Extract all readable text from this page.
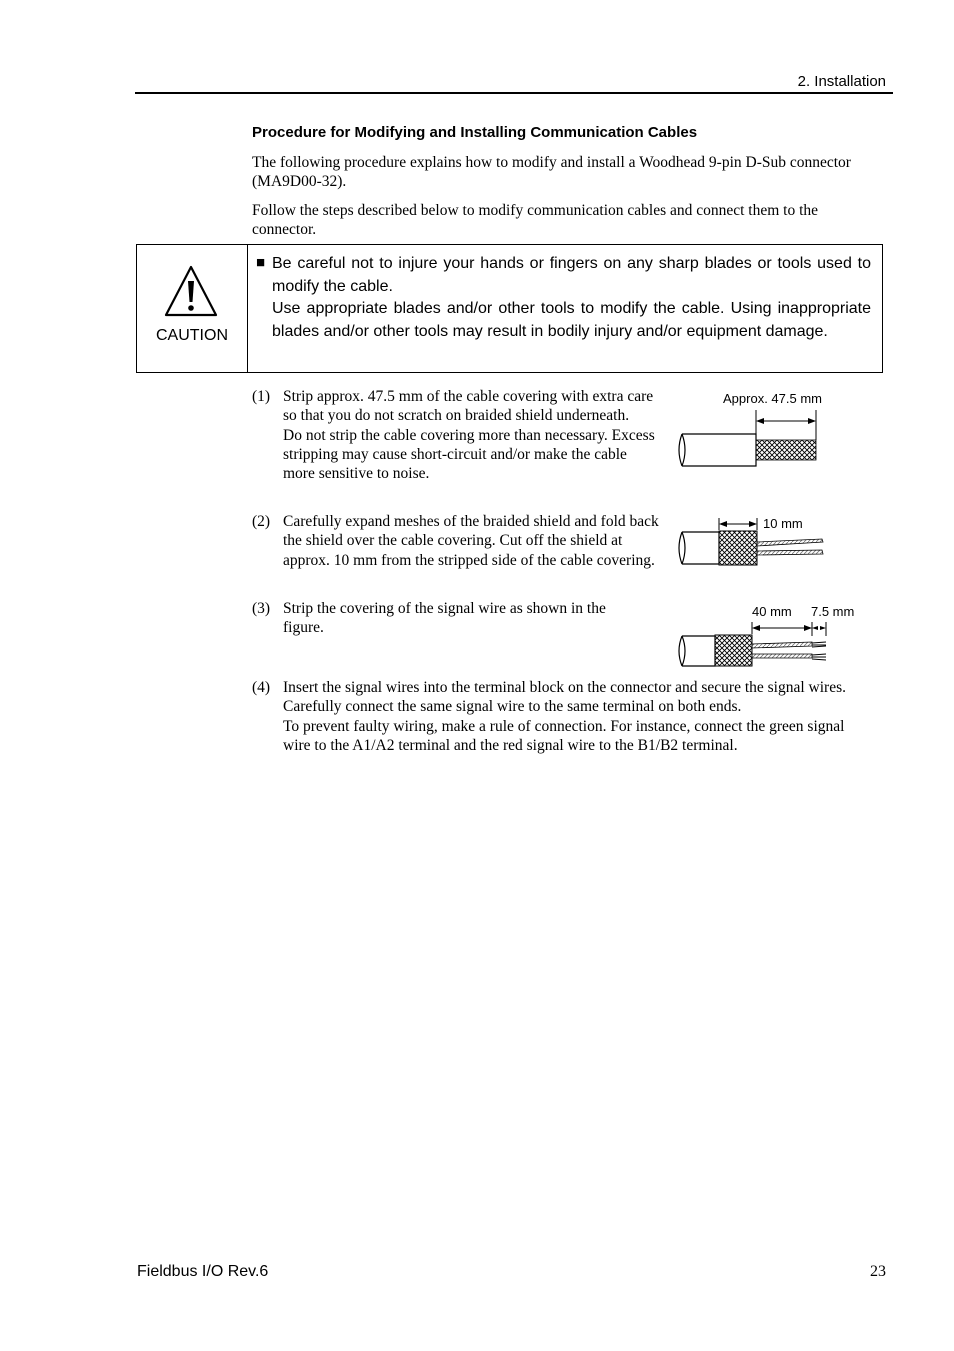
2. Installation
Procedure for Modifying and Installing Communication Cables

The following procedure explains how to modify and install a Woodhead 9-pin D-Sub connector (MA9D00-32).

Follow the steps described below to modify communication cables and connect them to the connector.

CAUTION
■ Be careful not to injure your hands or fingers on any sharp blades or tools used to modify the cable.

Use appropriate blades and/or other tools to modify the cable. Using inappropriate blades and/or other tools may result in bodily injury and/or equipment damage.

(1) Strip approx. 47.5 mm of the cable covering with extra care so that you do not scratch on braided shield underneath.

Do not strip the cable covering more than necessary. Excess stripping may cause short-circuit and/or make the cable more sensitive to noise.

(2) Carefully expand meshes of the braided shield and fold back the shield over the cable covering. Cut off the shield at approx. 10 mm from the stripped side of the cable covering.

(3) Strip the covering of the signal wire as shown in the figure.

(4) Insert the signal wires into the terminal block on the connector and secure the signal wires. Carefully connect the same signal wire to the same terminal on both ends.

To prevent faulty wiring, make a rule of connection. For instance, connect the green signal wire to the A1/A2 terminal and the red signal wire to the B1/B2 terminal.

Approx. 47.5 mm
10 mm
40 mm 7.5 mm
Fieldbus I/O Rev.6	23
